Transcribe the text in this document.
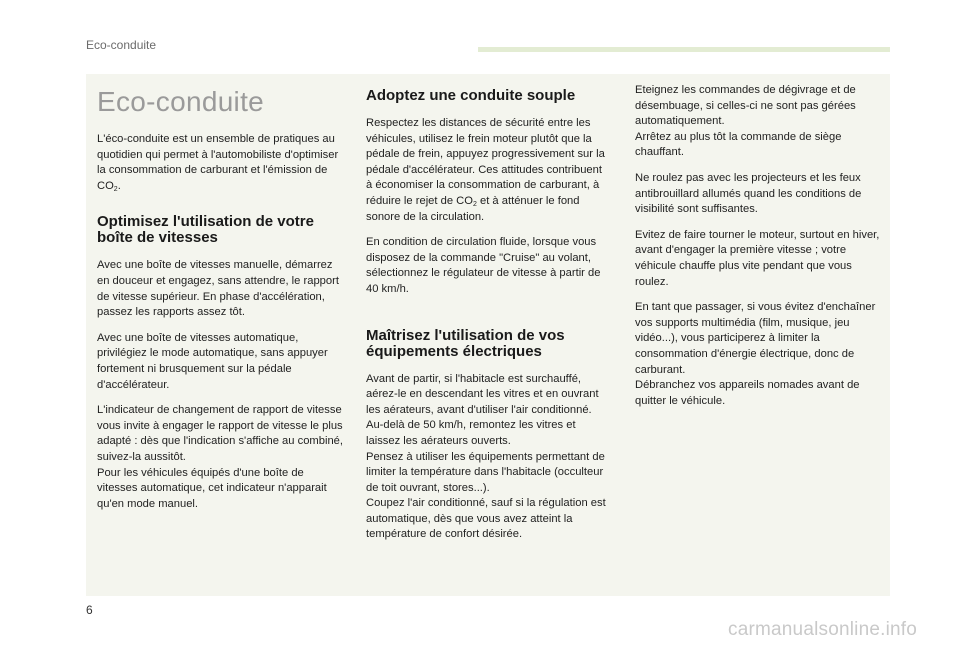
Eco-conduite
Eco-conduite

L'éco-conduite est un ensemble de pratiques au quotidien qui permet à l'automobiliste d'optimiser la consommation de carburant et l'émission de $CO_2$.

Optimisez l'utilisation de votre boîte de vitesses

Avec une boîte de vitesses manuelle, démarrez en douceur et engagez, sans attendre, le rapport de vitesse supérieur. En phase d'accélération, passez les rapports assez tôt.

Avec une boîte de vitesses automatique, privilégiez le mode automatique, sans appuyer fortement ni brusquement sur la pédale d'accélérateur.

L'indicateur de changement de rapport de vitesse vous invite à engager le rapport de vitesse le plus adapté : dès que l'indication s'affiche au combiné, suivez-la aussitôt.
Pour les véhicules équipés d'une boîte de vitesses automatique, cet indicateur n'apparait qu'en mode manuel.

Adoptez une conduite souple

Respectez les distances de sécurité entre les véhicules, utilisez le frein moteur plutôt que la pédale de frein, appuyez progressivement sur la pédale d'accélérateur. Ces attitudes contribuent à économiser la consommation de carburant, à réduire le rejet de $CO_2$ et à atténuer le fond sonore de la circulation.

En condition de circulation fluide, lorsque vous disposez de la commande "Cruise" au volant, sélectionnez le régulateur de vitesse à partir de 40 km/h.

Maîtrisez l'utilisation de vos équipements électriques

Avant de partir, si l'habitacle est surchauffé, aérez-le en descendant les vitres et en ouvrant les aérateurs, avant d'utiliser l'air conditionné.
Au-delà de 50 km/h, remontez les vitres et laissez les aérateurs ouverts.
Pensez à utiliser les équipements permettant de limiter la température dans l'habitacle (occulteur de toit ouvrant, stores...).
Coupez l'air conditionné, sauf si la régulation est automatique, dès que vous avez atteint la température de confort désirée.

Eteignez les commandes de dégivrage et de désembuage, si celles-ci ne sont pas gérées automatiquement.
Arrêtez au plus tôt la commande de siège chauffant.

Ne roulez pas avec les projecteurs et les feux antibrouillard allumés quand les conditions de visibilité sont suffisantes.

Evitez de faire tourner le moteur, surtout en hiver, avant d'engager la première vitesse ; votre véhicule chauffe plus vite pendant que vous roulez.

En tant que passager, si vous évitez d'enchaîner vos supports multimédia (film, musique, jeu vidéo...), vous participerez à limiter la consommation d'énergie électrique, donc de carburant.
Débranchez vos appareils nomades avant de quitter le véhicule.

6
carmanualsonline.info
